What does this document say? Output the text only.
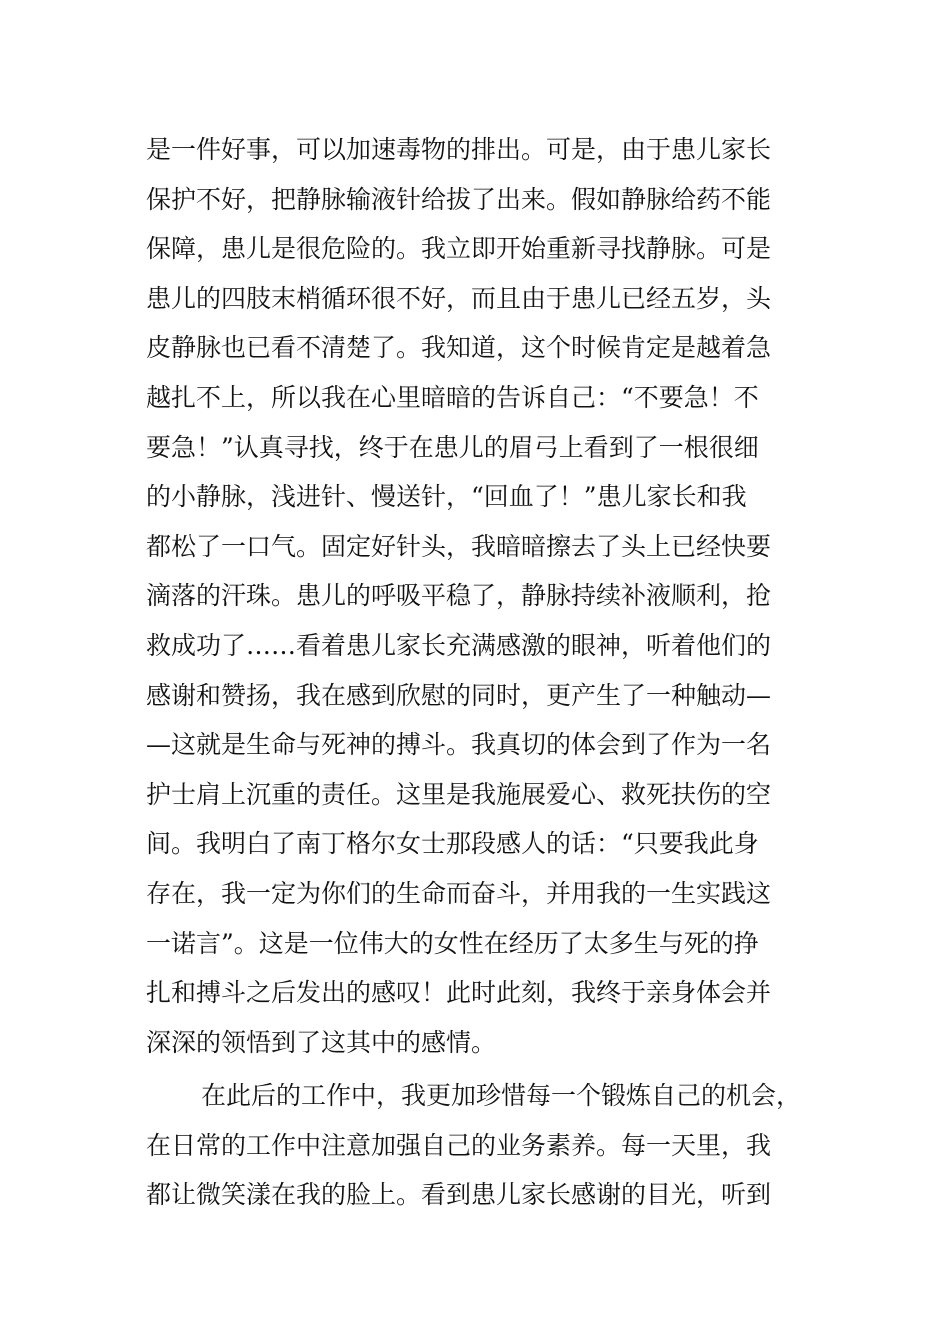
是一件好事，可以加速毒物的排出。可是，由于患儿家长
保护不好，把静脉输液针给拔了出来。假如静脉给药不能
保障，患儿是很危险的。我立即开始重新寻找静脉。可是
患儿的四肢末梢循环很不好，而且由于患儿已经五岁，头
皮静脉也已看不清楚了。我知道，这个时候肯定是越着急
越扎不上，所以我在心里暗暗的告诉自己：“不要急！不
要急！”认真寻找，终于在患儿的眉弓上看到了一根很细
的小静脉，浅进针、慢送针，“回血了！”患儿家长和我
都松了一口气。固定好针头，我暗暗擦去了头上已经快要
滴落的汗珠。患儿的呼吸平稳了，静脉持续补液顺利，抢
救成功了……看着患儿家长充满感激的眼神，听着他们的
感谢和赞扬，我在感到欣慰的同时，更产生了一种触动—
—这就是生命与死神的搏斗。我真切的体会到了作为一名
护士肩上沉重的责任。这里是我施展爱心、救死扶伤的空
间。我明白了南丁格尔女士那段感人的话：“只要我此身
存在，我一定为你们的生命而奋斗，并用我的一生实践这
一诺言”。这是一位伟大的女性在经历了太多生与死的挣
扎和搏斗之后发出的感叹！此时此刻，我终于亲身体会并
深深的领悟到了这其中的感情。
在此后的工作中，我更加珍惜每一个锻炼自己的机会，
在日常的工作中注意加强自己的业务素养。每一天里，我
都让微笑漾在我的脸上。看到患儿家长感谢的目光，听到
